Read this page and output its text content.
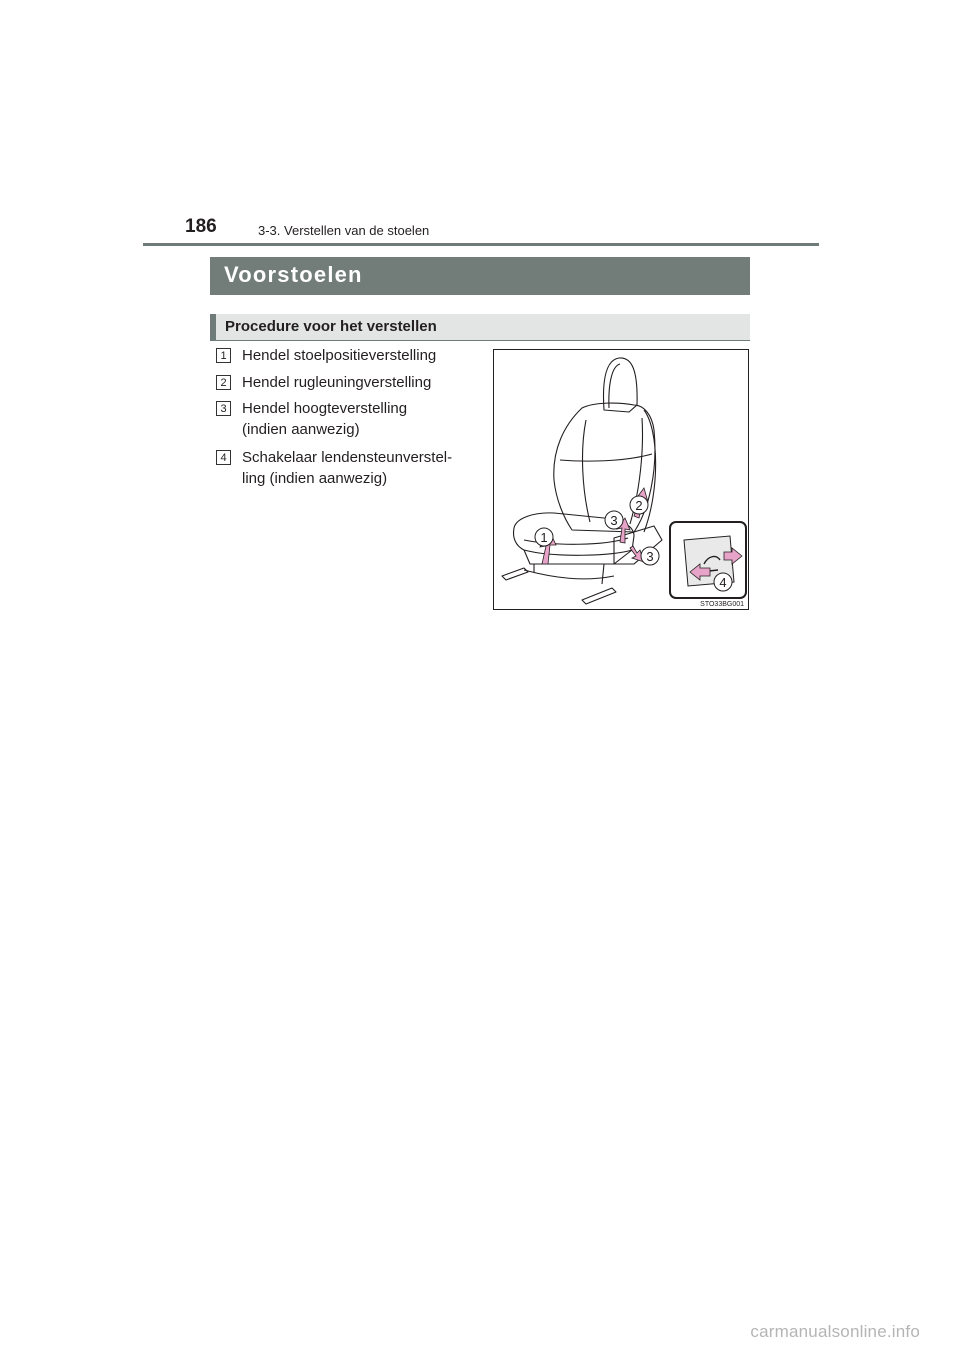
186	3-3. Verstellen van de stoelen
Voorstoelen
Procedure voor het verstellen
1 Hendel stoelpositieverstelling
2 Hendel rugleuningverstelling
3 Hendel hoogteverstelling
(indien aanwezig)
4 Schakelaar lendensteunverstel-
ling (indien aanwezig)
1
2
3
3
4
STO33BG001
carmanualsonline.info
